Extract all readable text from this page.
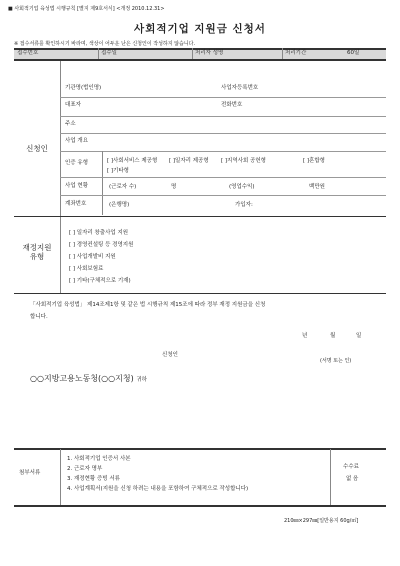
■ 사회적기업 육성법 시행규칙 [별지 제9호서식] <개정 2010.12.31>
사회적기업 지원금 신청서
※ 접수서류를 확인하시기 바라며, 색상이 어두운 난은 신청인이 작성하지 않습니다.
접수번호	접수일	처리자 성명	처리기간	60일
신청인
기관명(법인명)	사업자등록번호
대표자	전화번호
주소
사업 개요
인증 유형	[ ]사회서비스 제공형	[ ]일자리 제공형	[ ]지역사회 공헌형	[ ]혼합형
[ ]기타형
사업 현황	(근로자 수)	명	(영업수익)	백만원
계좌번호	(은행명)	가입자:
재정지원
유형
[ ] 일자리 창출사업 지원
[ ] 경영컨설팅 등 경영지원
[ ] 사업개발비 지원
[ ] 사회보험료
[ ] 기타(구체적으로 기재)
「사회적기업 육성법」 제14조제1항 및 같은 법 시행규칙 제15조에 따라 정부 재정 지원금을 신청
합니다.
년	월	일
신청인
(서명 또는 인)
○○지방고용노동청(○○지청) 귀하
첨부서류
1. 사회적기업 인증서 사본
2. 근로자 명부
3. 재정현황 증빙 서류
4. 사업계획서(지원을 신청 하려는 내용을 포함하여 구체적으로 작성합니다)
수수료
없 음
210㎜×297㎜[일반용지 60g/㎡]
